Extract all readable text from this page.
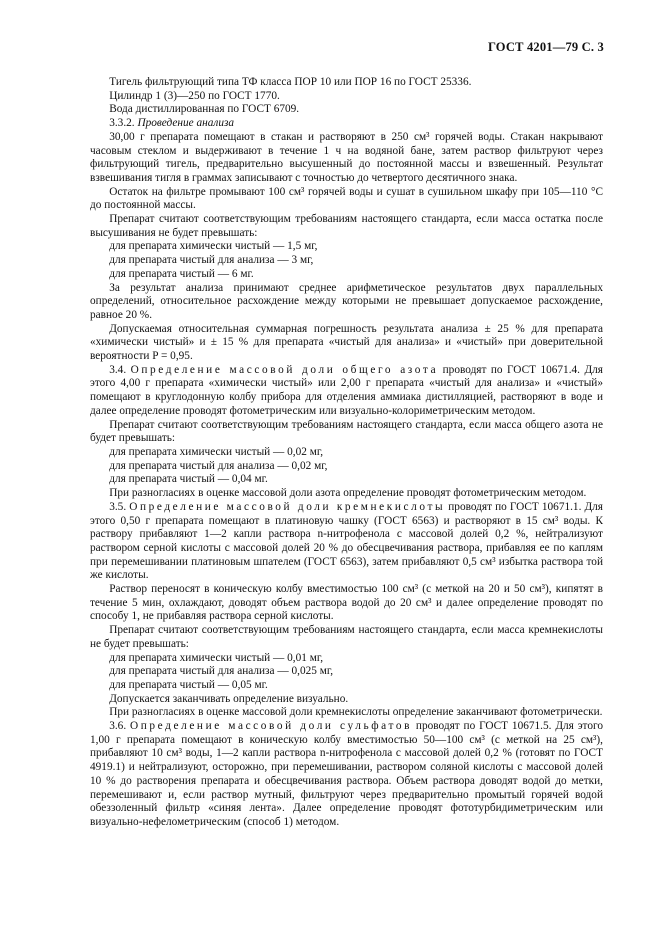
ГОСТ 4201—79 С. 3

Тигель фильтрующий типа ТФ класса ПОР 10 или ПОР 16 по ГОСТ 25336.

Цилиндр 1 (3)—250 по ГОСТ 1770.

Вода дистиллированная по ГОСТ 6709.

3.3.2. Проведение анализа

30,00 г препарата помещают в стакан и растворяют в 250 см³ горячей воды. Стакан накрывают часовым стеклом и выдерживают в течение 1 ч на водяной бане, затем раствор фильтруют через фильтрующий тигель, предварительно высушенный до постоянной массы и взвешенный. Результат взвешивания тигля в граммах записывают с точностью до четвертого десятичного знака.

Остаток на фильтре промывают 100 см³ горячей воды и сушат в сушильном шкафу при 105—110 °С до постоянной массы.

Препарат считают соответствующим требованиям настоящего стандарта, если масса остатка после высушивания не будет превышать:

для препарата химически чистый — 1,5 мг,

для препарата чистый для анализа — 3 мг,

для препарата чистый — 6 мг.

За результат анализа принимают среднее арифметическое результатов двух параллельных определений, относительное расхождение между которыми не превышает допускаемое расхождение, равное 20 %.

Допускаемая относительная суммарная погрешность результата анализа ± 25 % для препарата «химически чистый» и ± 15 % для препарата «чистый для анализа» и «чистый» при доверительной вероятности P = 0,95.

3.4. Определение массовой доли общего азота проводят по ГОСТ 10671.4. Для этого 4,00 г препарата «химически чистый» или 2,00 г препарата «чистый для анализа» и «чистый» помещают в круглодонную колбу прибора для отделения аммиака дистилляцией, растворяют в воде и далее определение проводят фотометрическим или визуально-колориметрическим методом.

Препарат считают соответствующим требованиям настоящего стандарта, если масса общего азота не будет превышать:

для препарата химически чистый — 0,02 мг,

для препарата чистый для анализа — 0,02 мг,

для препарата чистый — 0,04 мг.

При разногласиях в оценке массовой доли азота определение проводят фотометрическим методом.

3.5. Определение массовой доли кремнекислоты проводят по ГОСТ 10671.1. Для этого 0,50 г препарата помещают в платиновую чашку (ГОСТ 6563) и растворяют в 15 см³ воды. К раствору прибавляют 1—2 капли раствора n-нитрофенола с массовой долей 0,2 %, нейтрализуют раствором серной кислоты с массовой долей 20 % до обесцвечивания раствора, прибавляя ее по каплям при перемешивании платиновым шпателем (ГОСТ 6563), затем прибавляют 0,5 см³ избытка раствора той же кислоты.

Раствор переносят в коническую колбу вместимостью 100 см³ (с меткой на 20 и 50 см³), кипятят в течение 5 мин, охлаждают, доводят объем раствора водой до 20 см³ и далее определение проводят по способу 1, не прибавляя раствора серной кислоты.

Препарат считают соответствующим требованиям настоящего стандарта, если масса кремнекислоты не будет превышать:

для препарата химически чистый — 0,01 мг,

для препарата чистый для анализа — 0,025 мг,

для препарата чистый — 0,05 мг.

Допускается заканчивать определение визуально.

При разногласиях в оценке массовой доли кремнекислоты определение заканчивают фотометрически.

3.6. Определение массовой доли сульфатов проводят по ГОСТ 10671.5. Для этого 1,00 г препарата помещают в коническую колбу вместимостью 50—100 см³ (с меткой на 25 см³), прибавляют 10 см³ воды, 1—2 капли раствора n-нитрофенола с массовой долей 0,2 % (готовят по ГОСТ 4919.1) и нейтрализуют, осторожно, при перемешивании, раствором соляной кислоты с массовой долей 10 % до растворения препарата и обесцвечивания раствора. Объем раствора доводят водой до метки, перемешивают и, если раствор мутный, фильтруют через предварительно промытый горячей водой обеззоленный фильтр «синяя лента». Далее определение проводят фототурбидиметрическим или визуально-нефелометрическим (способ 1) методом.
